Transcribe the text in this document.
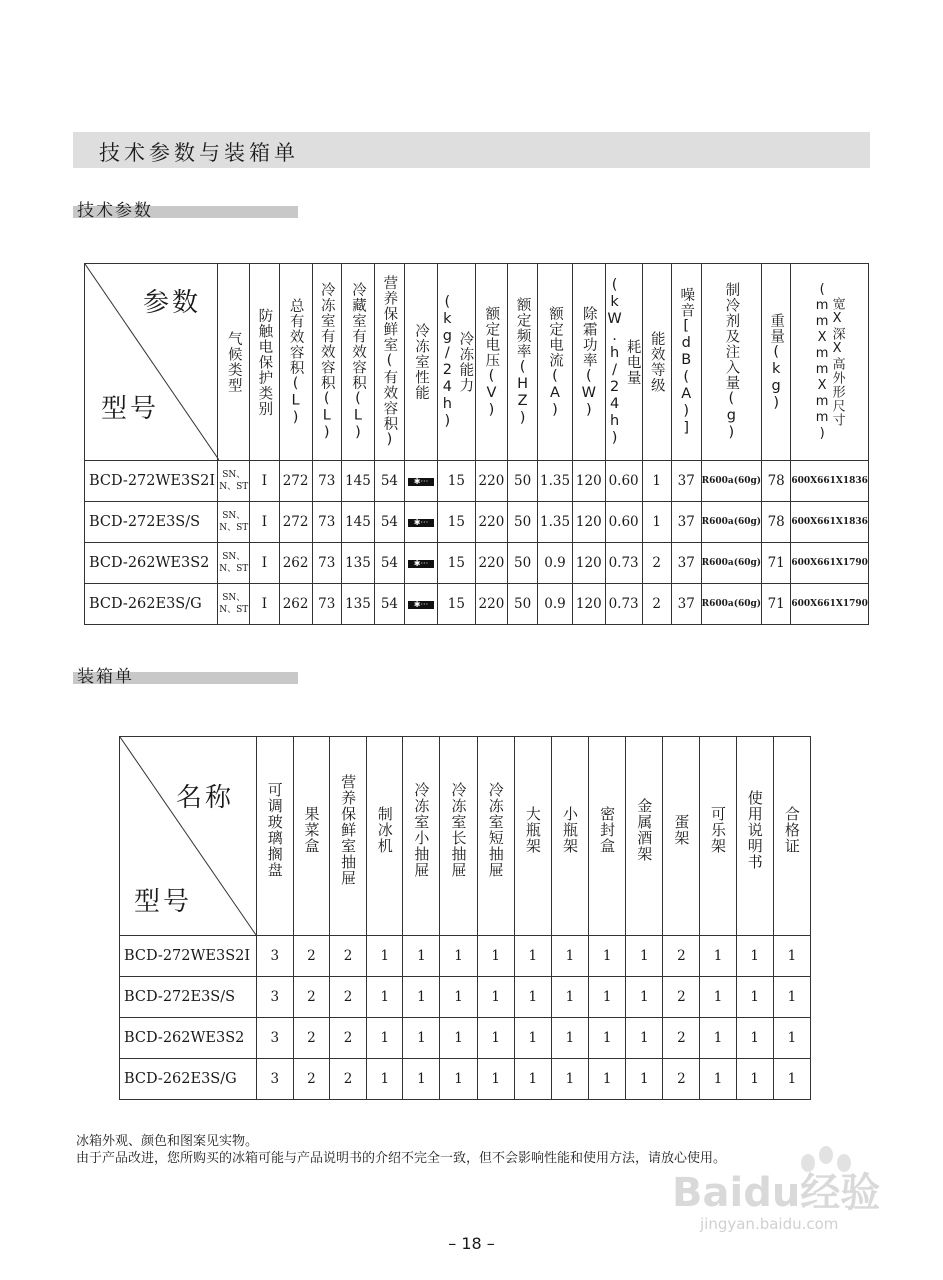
技术参数与装箱单
技术参数
参数
型号	气候类型	防触电保护类别	总有效容积(L)	冷冻室有效容积(L)	冷藏室有效容积(L)	营养保鲜室(有效容积)	冷冻室性能	冷冻能力(kg/24h)	额定电压(V)	额定频率(HZ)	额定电流(A)	除霜功率(W)	耗电量(kW.h/24h)	能效等级	噪音[dB(A)]	制冷剂及注入量(g)	重量(kg)	宽X深X高外形尺寸(mmXmmXmm)

BCD-272WE3S2I	SN、N、ST	I	272	73	145	54	✱···	15	220	50	1.35	120	0.60	1	37	R600a(60g)	78	600X661X1836
BCD-272E3S/S	SN、N、ST	I	272	73	145	54	✱···	15	220	50	1.35	120	0.60	1	37	R600a(60g)	78	600X661X1836
BCD-262WE3S2	SN、N、ST	I	262	73	135	54	✱···	15	220	50	0.9	120	0.73	2	37	R600a(60g)	71	600X661X1790
BCD-262E3S/G	SN、N、ST	I	262	73	135	54	✱···	15	220	50	0.9	120	0.73	2	37	R600a(60g)	71	600X661X1790
装箱单
名称
型号	可调玻璃搁盘	果菜盒	营养保鲜室抽屉	制冰机	冷冻室小抽屉	冷冻室长抽屉	冷冻室短抽屉	大瓶架	小瓶架	密封盒	金属酒架	蛋架	可乐架	使用说明书	合格证

BCD-272WE3S2I	3	2	2	1	1	1	1	1	1	1	1	2	1	1	1
BCD-272E3S/S	3	2	2	1	1	1	1	1	1	1	1	2	1	1	1
BCD-262WE3S2	3	2	2	1	1	1	1	1	1	1	1	2	1	1	1
BCD-262E3S/G	3	2	2	1	1	1	1	1	1	1	1	2	1	1	1
冰箱外观、颜色和图案见实物。
由于产品改进，您所购买的冰箱可能与产品说明书的介绍不完全一致，但不会影响性能和使用方法，请放心使用。
– 18 –
Baidu经验
jingyan.baidu.com
